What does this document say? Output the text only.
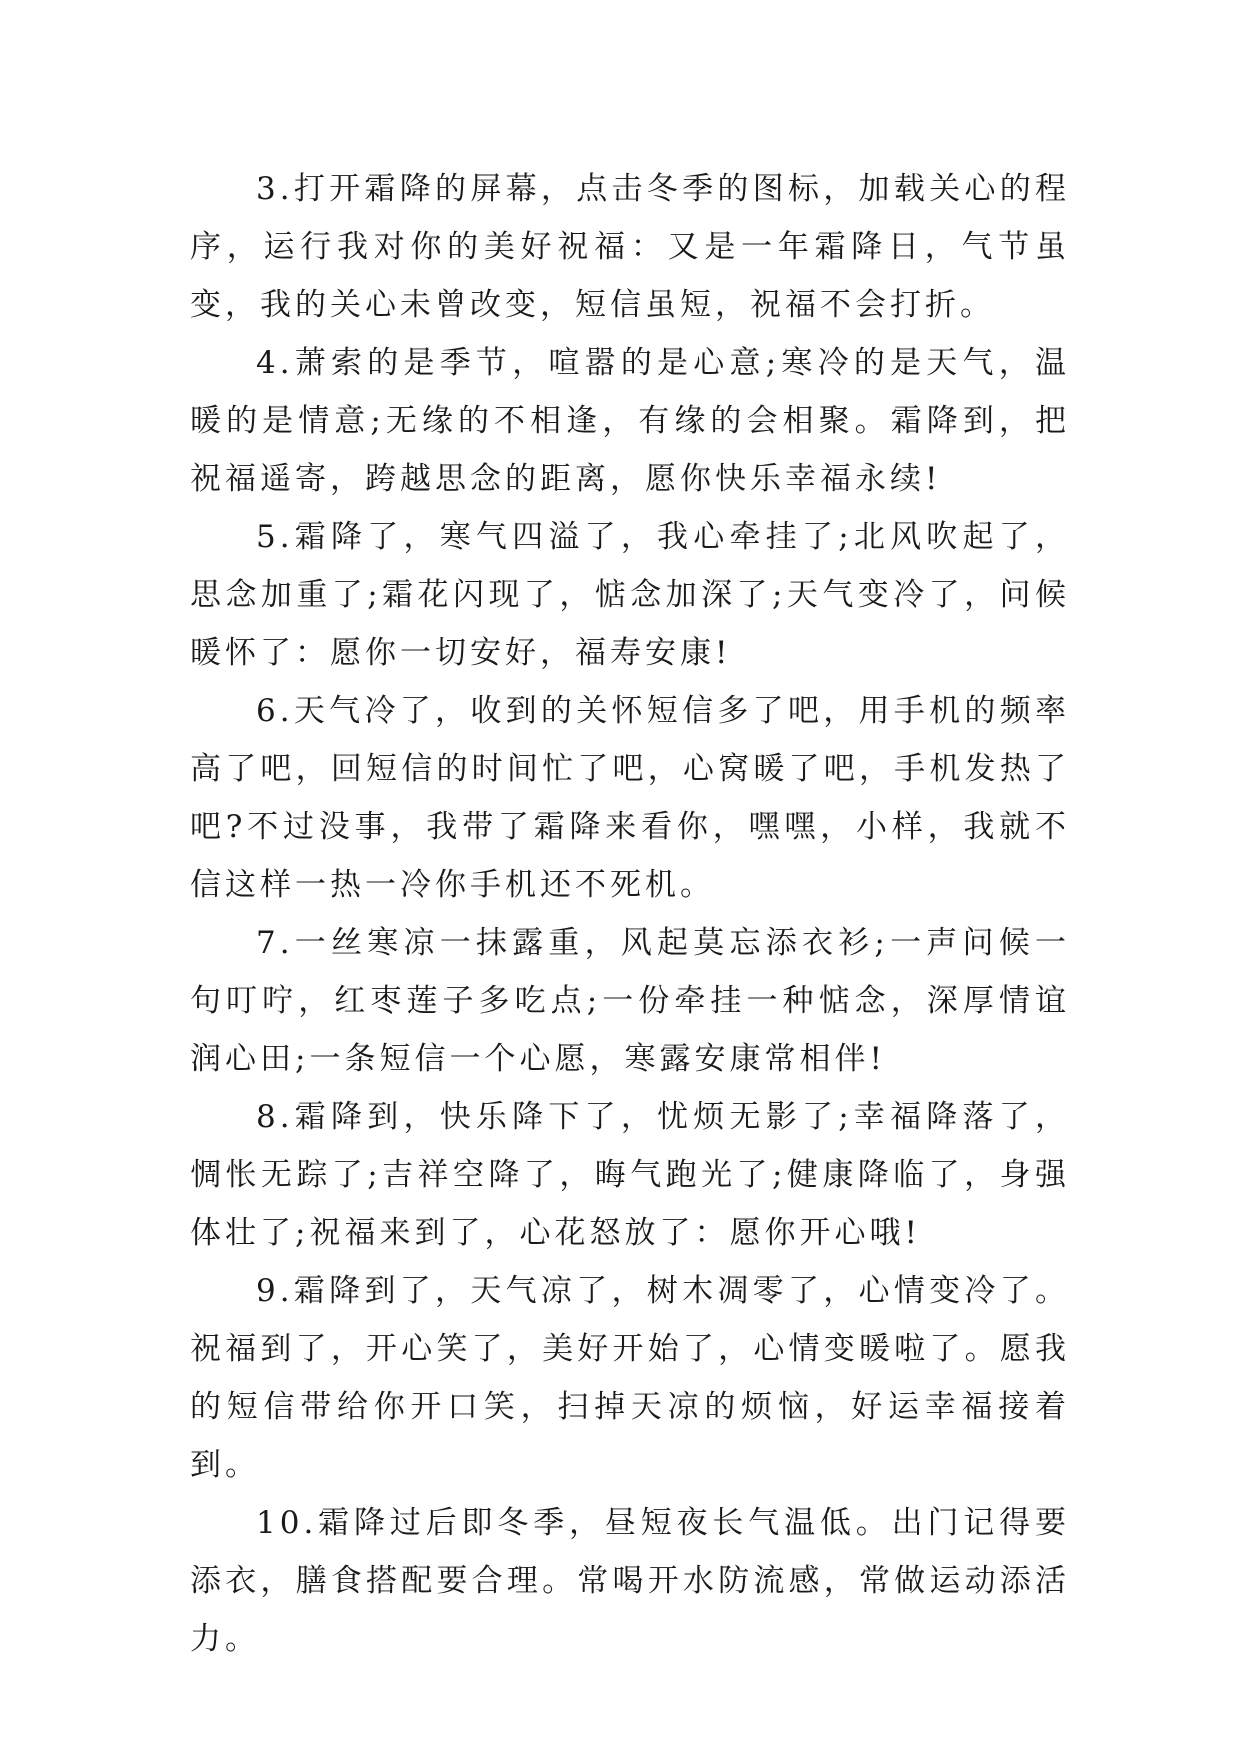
3.打开霜降的屏幕，点击冬季的图标，加载关心的程序，运行我对你的美好祝福：又是一年霜降日，气节虽变，我的关心未曾改变，短信虽短，祝福不会打折。

4.萧索的是季节，喧嚣的是心意;寒冷的是天气，温暖的是情意;无缘的不相逢，有缘的会相聚。霜降到，把祝福遥寄，跨越思念的距离，愿你快乐幸福永续!

5.霜降了，寒气四溢了，我心牵挂了;北风吹起了，思念加重了;霜花闪现了，惦念加深了;天气变冷了，问候暖怀了：愿你一切安好，福寿安康!

6.天气冷了，收到的关怀短信多了吧，用手机的频率高了吧，回短信的时间忙了吧，心窝暖了吧，手机发热了吧?不过没事，我带了霜降来看你，嘿嘿，小样，我就不信这样一热一冷你手机还不死机。

7.一丝寒凉一抹露重，风起莫忘添衣衫;一声问候一句叮咛，红枣莲子多吃点;一份牵挂一种惦念，深厚情谊润心田;一条短信一个心愿，寒露安康常相伴!

8.霜降到，快乐降下了，忧烦无影了;幸福降落了，惆怅无踪了;吉祥空降了，晦气跑光了;健康降临了，身强体壮了;祝福来到了，心花怒放了：愿你开心哦!

9.霜降到了，天气凉了，树木凋零了，心情变冷了。祝福到了，开心笑了，美好开始了，心情变暖啦了。愿我的短信带给你开口笑，扫掉天凉的烦恼，好运幸福接着到。

10.霜降过后即冬季，昼短夜长气温低。出门记得要添衣，膳食搭配要合理。常喝开水防流感，常做运动添活力。
